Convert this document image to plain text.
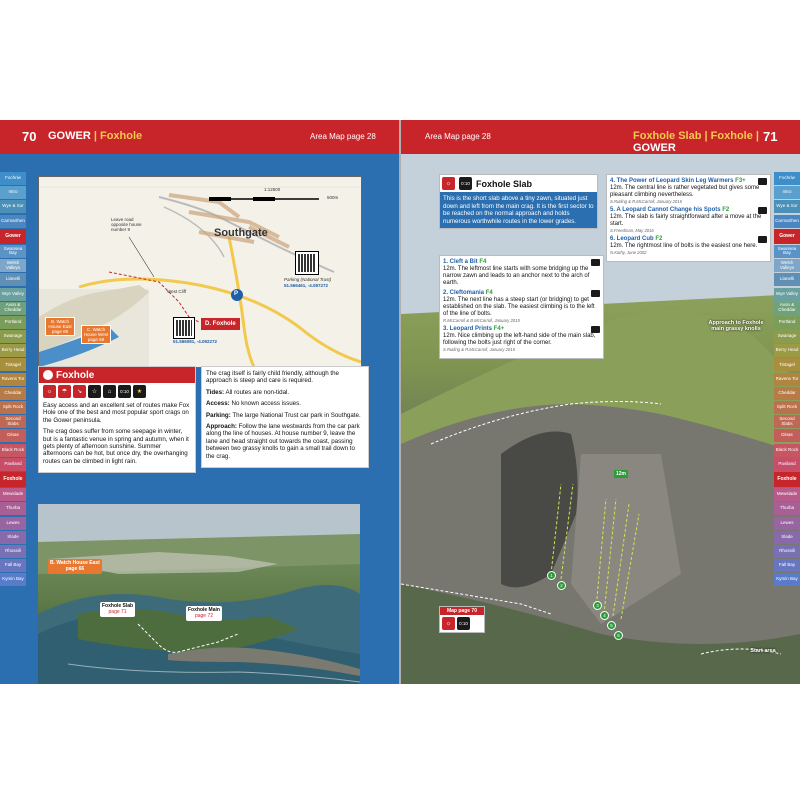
70 GOWER | Foxhole	Area Map page 28
Fochriw
Intro
Wye & Sor
Carmarthen
Gower
Swansea Bay
Welsh Valleys
Llanelli
Wye Valley
Avon & Cheddar
Portland
Swanage
Berry Head
Tintagel
Ravens Tor
Cheddar
Split Rock
Second Slabs
Dinas
Black Rock
Paviland
Foxhole
Mewslade
Thurba
Lewes
Slade
Rhossili
Fall Bay
Kymin Bay
Southgate
1:12500
500m
P
Leave road opposite house number 9
West Cliff
Parking (National Trust)
51.566461, -4.087272
51.566081, -4.092272
D. Foxhole
B. Watch House East page 66	C. Watch House West page 68
Foxhole
☼	☂	↘	☆	⌂	0:10	★

Easy access and an excellent set of routes make Fox Hole one of the best and most popular sport crags on the Gower peninsula.

The crag does suffer from some seepage in winter, but is a fantastic venue in spring and autumn, when it gets plenty of afternoon sunshine. Summer afternoons can be hot, but once dry, the overhanging routes can be climbed in light rain.

The crag itself is fairly child friendly, although the approach is steep and care is required.

Tides: All routes are non-tidal.

Access: No known access issues.

Parking: The large National Trust car park in Southgate.

Approach: Follow the lane westwards from the car park along the line of houses. At house number 9, leave the lane and head straight out towards the coast, passing between two grassy knolls to gain a small trail down to the crag.

B. Watch House East
page 66
Foxhole Slab
page 71	Foxhole Main
page 72
Area Map page 28	Foxhole Slab | Foxhole | GOWER
71
Fochriw
Intro
Wye & Sor
Carmarthen
Gower
Swansea Bay
Welsh Valleys
Llanelli
Wye Valley
Avon & Cheddar
Portland
Swanage
Berry Head
Tintagel
Ravens Tor
Cheddar
Split Rock
Second Slabs
Dinas
Black Rock
Paviland
Foxhole
Mewslade
Thurba
Lewes
Slade
Rhossili
Fall Bay
Kymin Bay
☼	0:10 Foxhole Slab
This is the short slab above a tiny zawn, situated just down and left from the main crag. It is the first sector to be reached on the normal approach and holds numerous worthwhile routes in the lower grades.
1. Cleft a Bit F4
12m. The leftmost line starts with some bridging up the narrow zawn and leads to an anchor next to the arch of earth.
2. Cleftomania F4
12m. The next line has a steep start (or bridging) to get established on the slab. The easiest climbing is to the left of the line of bolts.
R.McCarroll & B.McCarroll, January 2015
3. Leopard Prints F4+
12m. Nice climbing up the left-hand side of the main slab, following the bolts just right of the corner.
S.Rutling & R.McCarroll, January 2015
4. The Power of Leopard Skin Leg Warmers F3+
12m. The central line is rather vegetated but gives some pleasant climbing nevertheless.
S.Rutling & R.McCarroll, January 2015
5. A Leopard Cannot Change his Spots F2
12m. The slab is fairly straightforward after a move at the start.
S.Freedman, May 2016
6. Leopard Cub F2
12m. The rightmost line of bolts is the easiest one here.
N.Kathy, June 2002
Approach to Foxhole main grassy knolls
12m
Start area
1
2
3
4
5
6
Map page 70
☼	0:10
